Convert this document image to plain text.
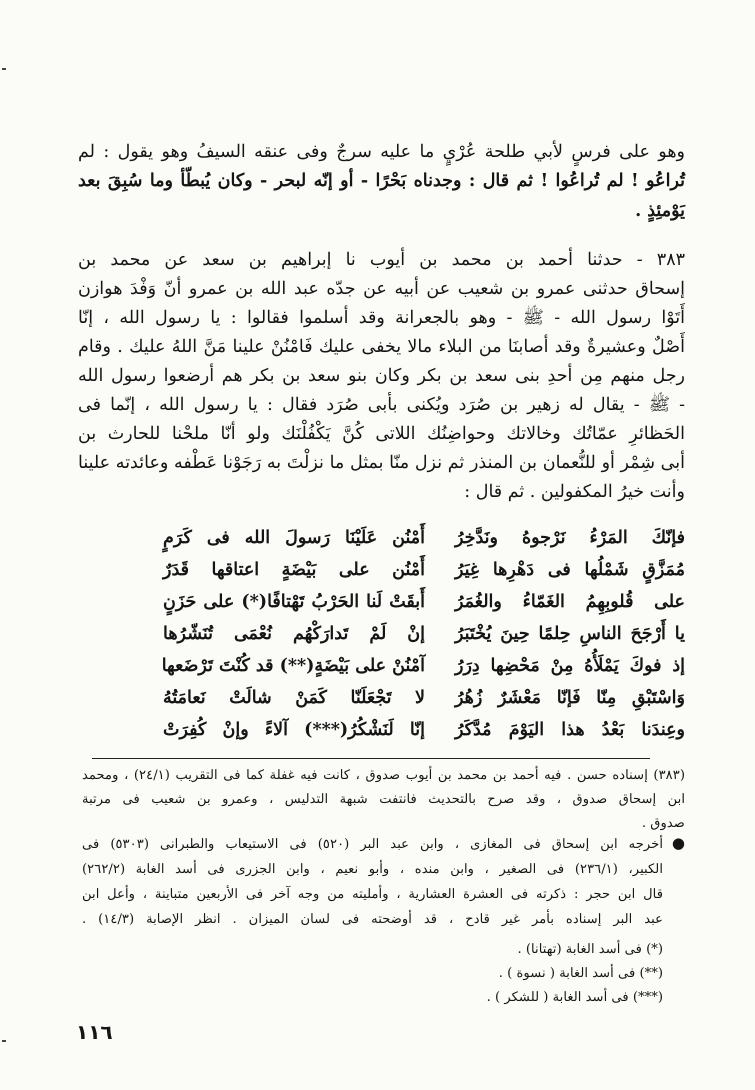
وهو على فرسٍ لأبي طلحة عُرْيٍ ما عليه سرجٌ وفى عنقه السيفُ وهو يقول : لم
تُراعُو ! لم تُراعُوا ! ثم قال : وجدناه بَحْرًا - أو إنّه لبحر - وكان يُبطّأ وما سُبِقَ بعد
يَوْمئِذٍ .
٣٨٣ - حدثنا أحمد بن محمد بن أيوب نا إبراهيم بن سعد عن محمد بن
إسحاق حدثنى عمرو بن شعيب عن أبيه عن جدّه عبد الله بن عمرو أنّ وَفْدَ هوازن
أَتَوْا رسول الله - ﷺ - وهو بالجعرانة وقد أسلموا فقالوا : يا رسول الله ، إنّا
أَصْلٌ وعشيرةٌ وقد أصابنَا من البلاء مالا يخفى عليك فَامْنُنْ علينا مَنَّ اللهُ عليك . وقام
رجل منهم مِن أحدِ بنى سعد بن بكر وكان بنو سعد بن بكر هم أرضعوا رسول الله
- ﷺ - يقال له زهير بن صُرَد ويُكنى بأبى صُرَد فقال : يا رسول الله ، إنّما فى
الحَظائرِ عمّاتُك وخالاتك وحواضِنُك اللاتى كُنَّ يَكْفُلْنَك ولو أنّا ملحْنا للحارث بن
أبى شِمْر أو للنُّعمان بن المنذر ثم نزل منّا بمثل ما نزلْتَ به رَجَوْنا عَطْفه وعائدته علينا
وأنت خيرُ المكفولين . ثم قال :
أَمْنُن عَلَيْنَا رَسولَ الله فى كَرَمٍ فإنّكَ المَرْءُ نَرْجوهُ ونَدَّخِرُ
أَمْنُن على بَيْضَةٍ اعتاقها قَدَرٌ مُمَزَّقٍ شَمْلُها فى دَهْرِها غِيَرُ
أَبقَتْ لَنا الحَرْبُ تَهْتافًا(*) على حَزَنٍ على قُلوبِهِمُ الغَمّاءُ والغُمَرُ
إنْ لَمْ تَدارَكْهُم نُعْمَى تُنَشّرُها يا أَرْجَحَ الناسِ حِلمًا حِينَ يُخْتَبَرُ
آمْنُنْ على بَيْضَةٍ(**) قد كُنْتَ تَرْضَعها إذ فوكَ يَمْلَأُهُ مِنْ مَحْضِها دِرَرُ
لا تَجْعَلَنّا كَمَنْ شالَتْ نَعامَتُهُ وَاسْتَبْقِ مِنّا فَإنّا مَعْشَرٌ زُهُرُ
إنّا لَنَشْكُرُ(***) آلاءً وإنْ كُفِرَتْ وعِندَنا بَعْدُ هذا اليَوْمَ مُدَّكَرُ
(٣٨٣) إسناده حسن . فيه أحمد بن محمد بن أيوب صدوق ، كانت فيه غفلة كما فى التقريب (٢٤/١) ، ومحمد
ابن إسحاق صدوق ، وقد صرح بالتحديث فانتفت شبهة التدليس ، وعمرو بن شعيب فى مرتبة
صدوق .
●
أخرجه ابن إسحاق فى المغازى ، وابن عبد البر (٥٢٠) فى الاستيعاب والطبرانى (٥٣٠٣) فى
الكبير، (٢٣٦/١) فى الصغير ، وابن منده ، وأبو نعيم ، وابن الجزرى فى أسد الغابة (٢٦٢/٢)
قال ابن حجر : ذكرته فى العشرة العشارية ، وأمليته من وجه آخر فى الأربعين متباينة ، وأعل ابن
عبد البر إسناده بأمر غير قادح ، قد أوضحته فى لسان الميزان . انظر الإصابة (١٤/٣) .
(*) فى أسد الغابة (تهتانا) .
(**) فى أسد الغابة ( نسوة ) .
(***) فى أسد الغابة ( للشكر ) .
١١٦
